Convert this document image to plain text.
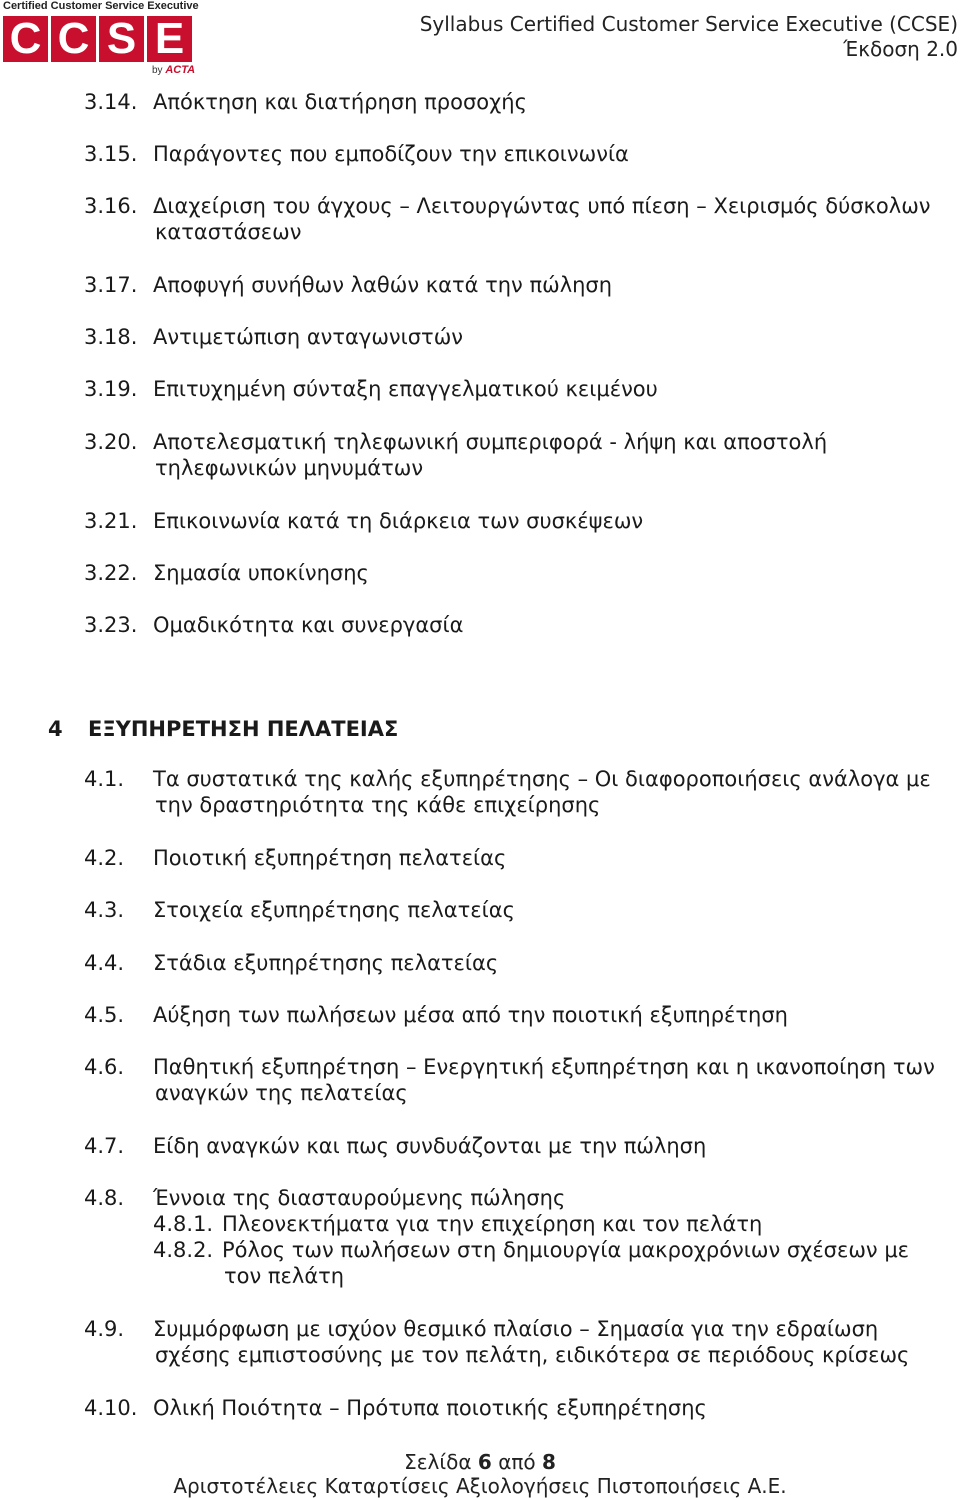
Certified Customer Service Executive
C C S E
by ACTA
Syllabus Certified Customer Service Executive (CCSE)
Έκδοση 2.0
3.14. Απόκτηση και διατήρηση προσοχής
3.15. Παράγοντες που εμποδίζουν την επικοινωνία
3.16. Διαχείριση του άγχους – Λειτουργώντας υπό πίεση – Χειρισμός δύσκολων
καταστάσεων
3.17. Αποφυγή συνήθων λαθών κατά την πώληση
3.18. Αντιμετώπιση ανταγωνιστών
3.19. Επιτυχημένη σύνταξη επαγγελματικού κειμένου
3.20. Αποτελεσματική τηλεφωνική συμπεριφορά - λήψη και αποστολή
τηλεφωνικών μηνυμάτων
3.21. Επικοινωνία κατά τη διάρκεια των συσκέψεων
3.22. Σημασία υποκίνησης
3.23. Ομαδικότητα και συνεργασία
4.1. Τα συστατικά της καλής εξυπηρέτησης – Οι διαφοροποιήσεις ανάλογα με
την δραστηριότητα της κάθε επιχείρησης
4.2. Ποιοτική εξυπηρέτηση πελατείας
4.3. Στοιχεία εξυπηρέτησης πελατείας
4.4. Στάδια εξυπηρέτησης πελατείας
4.5. Αύξηση των πωλήσεων μέσα από την ποιοτική εξυπηρέτηση
4.6. Παθητική εξυπηρέτηση – Ενεργητική εξυπηρέτηση και η ικανοποίηση των
αναγκών της πελατείας
4.7. Είδη αναγκών και πως συνδυάζονται με την πώληση
4.8. Έννοια της διασταυρούμενης πώλησης
4.8.1. Πλεονεκτήματα για την επιχείρηση και τον πελάτη
4.8.2. Ρόλος των πωλήσεων στη δημιουργία μακροχρόνιων σχέσεων με
τον πελάτη
4.9. Συμμόρφωση με ισχύον θεσμικό πλαίσιο – Σημασία για την εδραίωση
σχέσης εμπιστοσύνης με τον πελάτη, ειδικότερα σε περιόδους κρίσεως
4.10. Ολική Ποιότητα – Πρότυπα ποιοτικής εξυπηρέτησης
4 ΕΞΥΠΗΡΕΤΗΣΗ ΠΕΛΑΤΕΙΑΣ
Σελίδα 6 από 8
Αριστοτέλειες Καταρτίσεις Αξιολογήσεις Πιστοποιήσεις Α.Ε.
